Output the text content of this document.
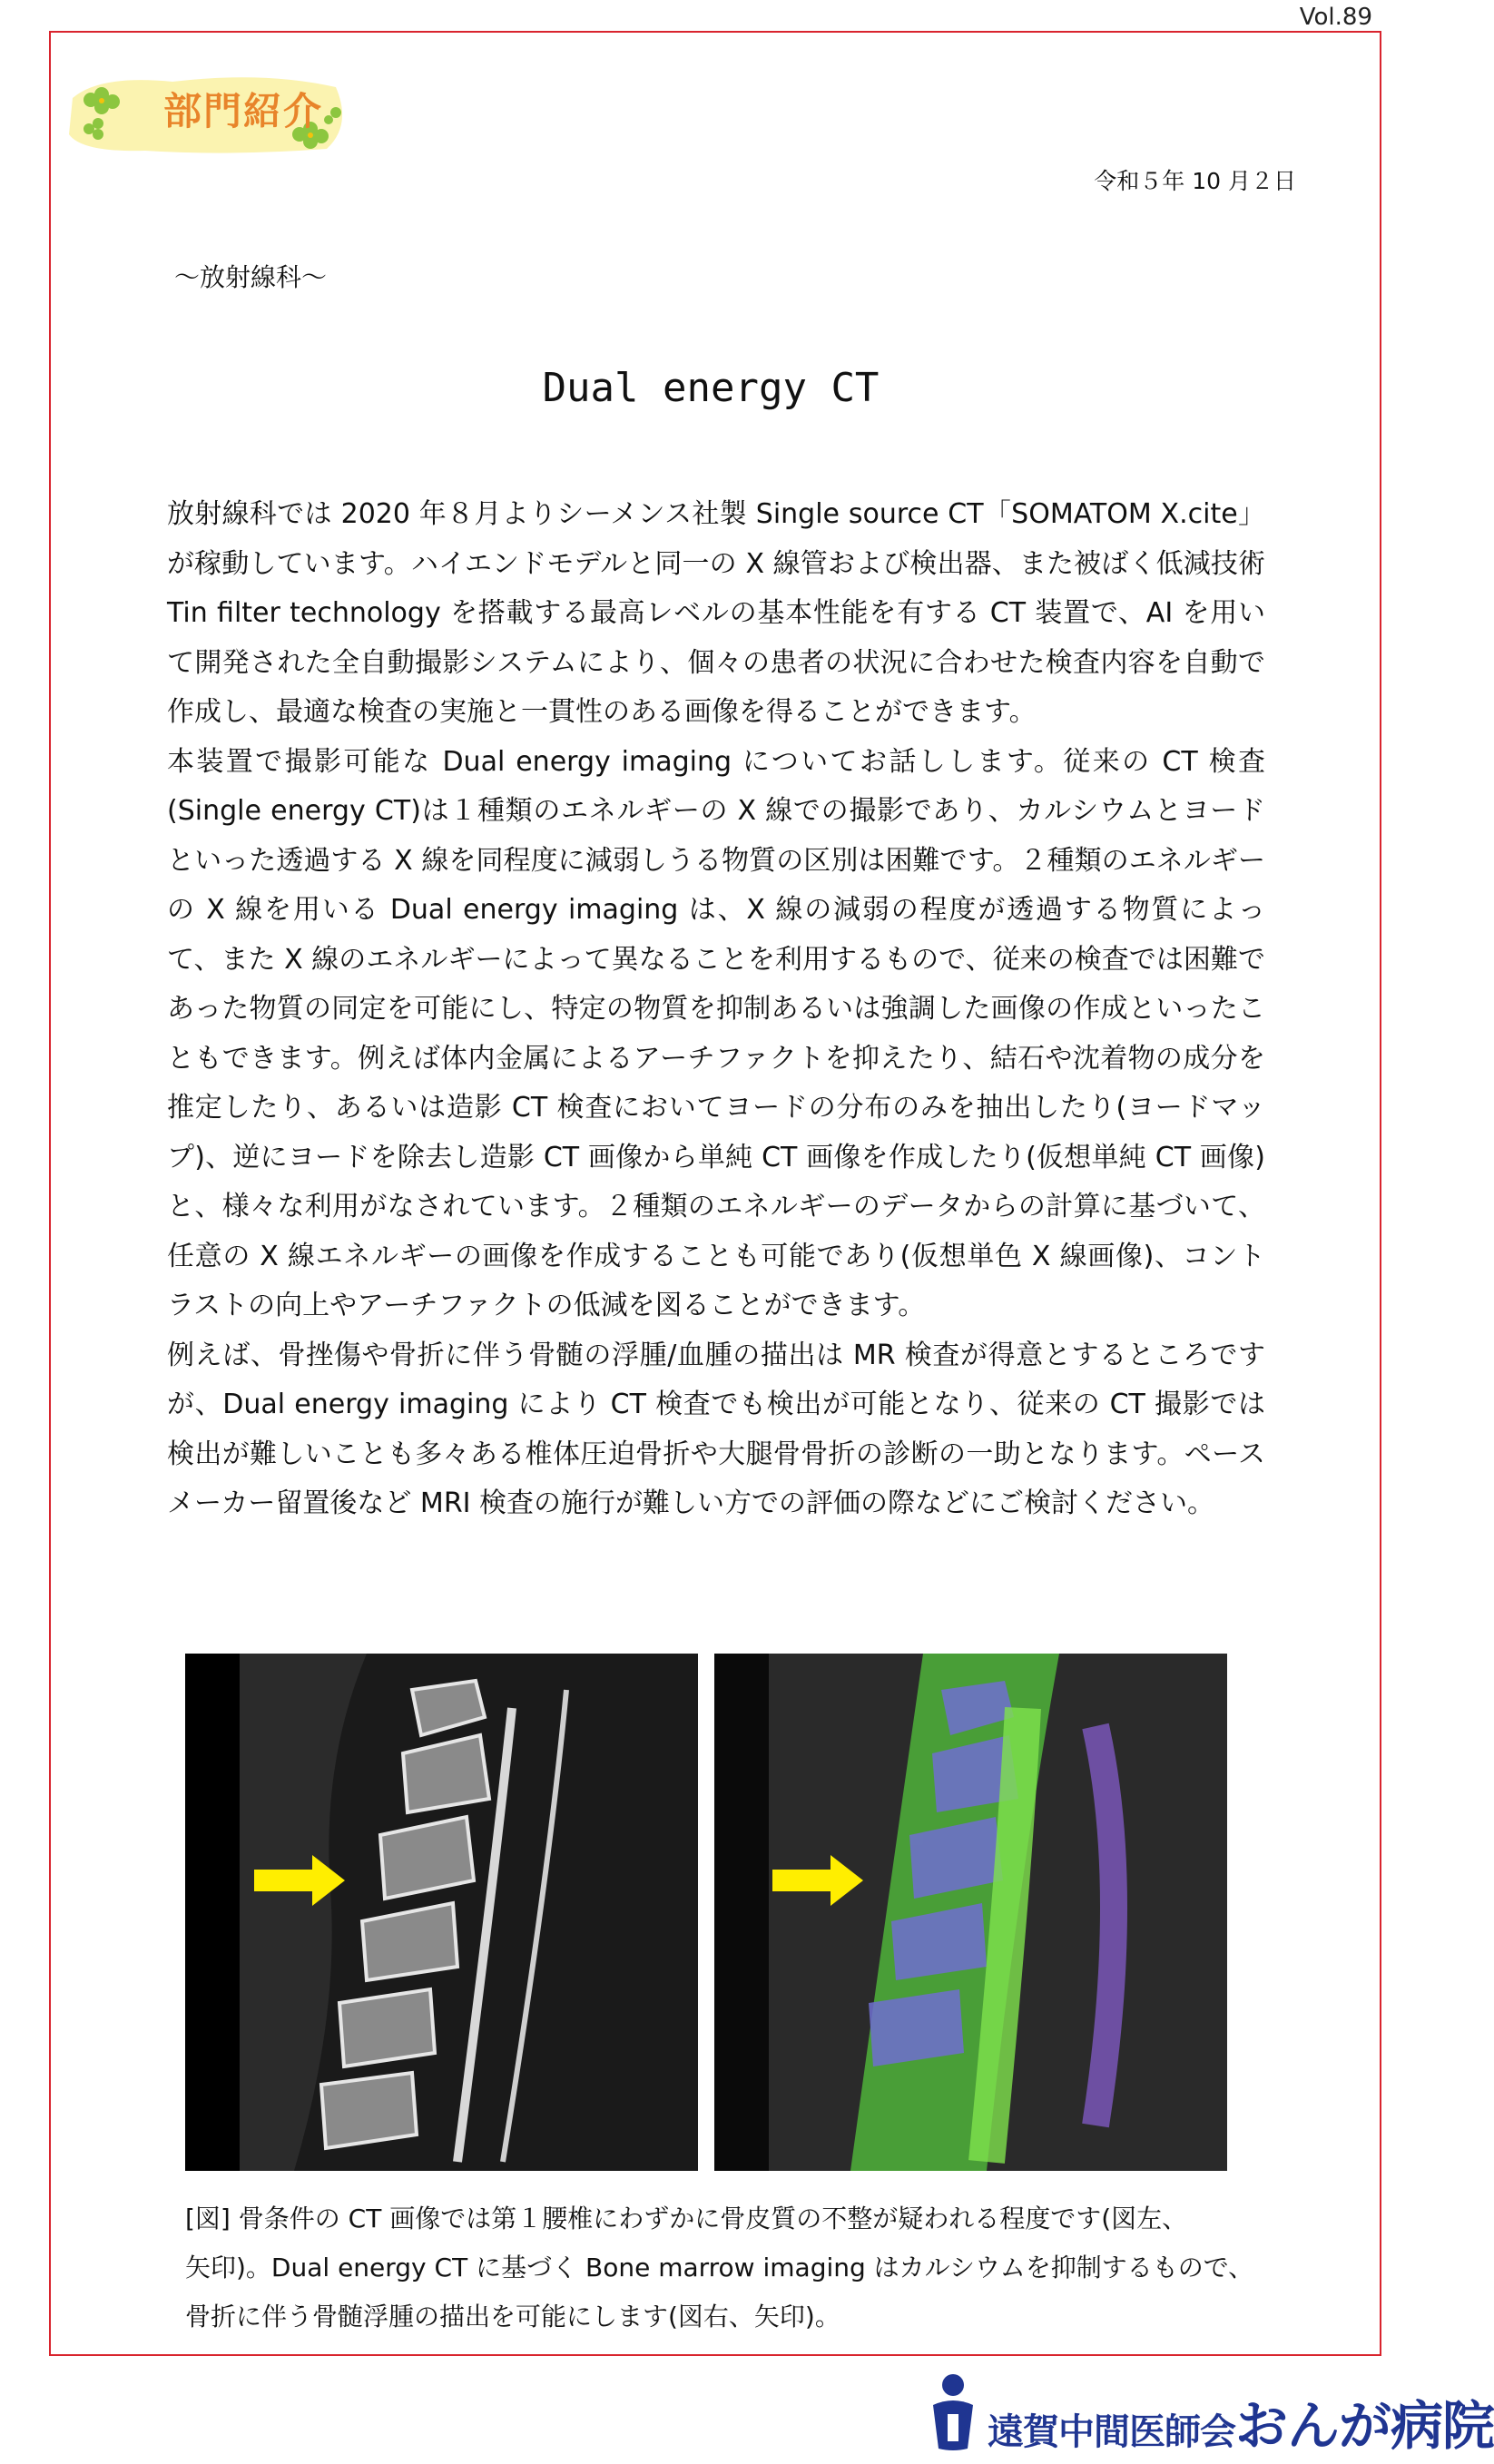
Vol.89
部門紹介
令和５年 10 月２日
～放射線科～
Dual energy CT

放射線科では 2020 年８月よりシーメンス社製 Single source CT「SOMATOM X.cite」が稼動しています。ハイエンドモデルと同一の X 線管および検出器、また被ばく低減技術 Tin filter technology を搭載する最高レベルの基本性能を有する CT 装置で、AI を用いて開発された全自動撮影システムにより、個々の患者の状況に合わせた検査内容を自動で作成し、最適な検査の実施と一貫性のある画像を得ることができます。

本装置で撮影可能な Dual energy imaging についてお話しします。従来の CT 検査(Single energy CT)は１種類のエネルギーの X 線での撮影であり、カルシウムとヨードといった透過する X 線を同程度に減弱しうる物質の区別は困難です。２種類のエネルギーの X 線を用いる Dual energy imaging は、X 線の減弱の程度が透過する物質によって、また X 線のエネルギーによって異なることを利用するもので、従来の検査では困難であった物質の同定を可能にし、特定の物質を抑制あるいは強調した画像の作成といったこともできます。例えば体内金属によるアーチファクトを抑えたり、結石や沈着物の成分を推定したり、あるいは造影 CT 検査においてヨードの分布のみを抽出したり(ヨードマップ)、逆にヨードを除去し造影 CT 画像から単純 CT 画像を作成したり(仮想単純 CT 画像)と、様々な利用がなされています。２種類のエネルギーのデータからの計算に基づいて、任意の X 線エネルギーの画像を作成することも可能であり(仮想単色 X 線画像)、コントラストの向上やアーチファクトの低減を図ることができます。

例えば、骨挫傷や骨折に伴う骨髄の浮腫/血腫の描出は MR 検査が得意とするところですが、Dual energy imaging により CT 検査でも検出が可能となり、従来の CT 撮影では検出が難しいことも多々ある椎体圧迫骨折や大腿骨骨折の診断の一助となります。ペースメーカー留置後など MRI 検査の施行が難しい方での評価の際などにご検討ください。

[図] 骨条件の CT 画像では第１腰椎にわずかに骨皮質の不整が疑われる程度です(図左、

矢印)。Dual energy CT に基づく Bone marrow imaging はカルシウムを抑制するもので、

骨折に伴う骨髄浮腫の描出を可能にします(図右、矢印)。

遠賀中間医師会おんが病院
